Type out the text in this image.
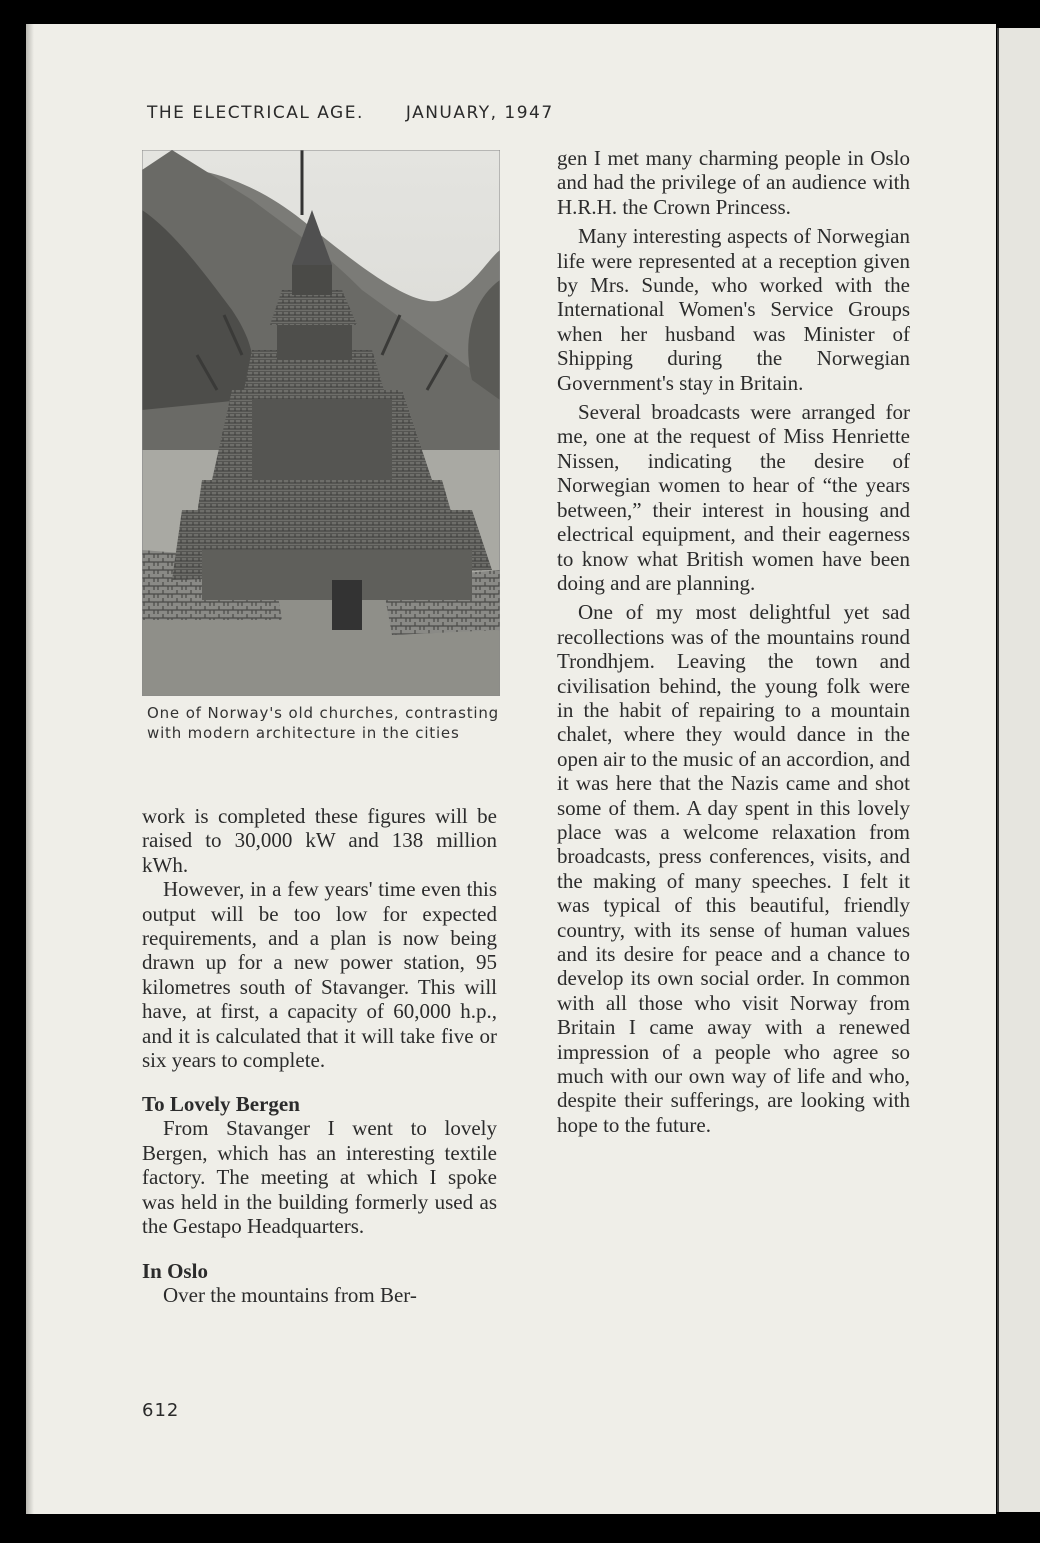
THE ELECTRICAL AGE. JANUARY, 1947
One of Norway's old churches, contrasting with modern architecture in the cities

work is completed these figures will be raised to 30,000 kW and 138 million kWh.

However, in a few years' time even this output will be too low for expected requirements, and a plan is now being drawn up for a new power station, 95 kilometres south of Stavanger. This will have, at first, a capacity of 60,000 h.p., and it is calculated that it will take five or six years to complete.

To Lovely Bergen

From Stavanger I went to lovely Bergen, which has an interesting textile factory. The meeting at which I spoke was held in the building formerly used as the Gestapo Headquarters.

In Oslo

Over the mountains from Ber-

gen I met many charming people in Oslo and had the privilege of an audience with H.R.H. the Crown Princess.

Many interesting aspects of Norwegian life were represented at a reception given by Mrs. Sunde, who worked with the International Women's Service Groups when her husband was Minister of Shipping during the Norwegian Government's stay in Britain.

Several broadcasts were arranged for me, one at the request of Miss Henriette Nissen, indicating the desire of Norwegian women to hear of “the years between,” their interest in housing and electrical equipment, and their eagerness to know what British women have been doing and are planning.

One of my most delightful yet sad recollections was of the mountains round Trondhjem. Leaving the town and civilisation behind, the young folk were in the habit of repairing to a mountain chalet, where they would dance in the open air to the music of an accordion, and it was here that the Nazis came and shot some of them. A day spent in this lovely place was a welcome relaxation from broadcasts, press conferences, visits, and the making of many speeches. I felt it was typical of this beautiful, friendly country, with its sense of human values and its desire for peace and a chance to develop its own social order. In common with all those who visit Norway from Britain I came away with a renewed impression of a people who agree so much with our own way of life and who, despite their sufferings, are looking with hope to the future.

612
